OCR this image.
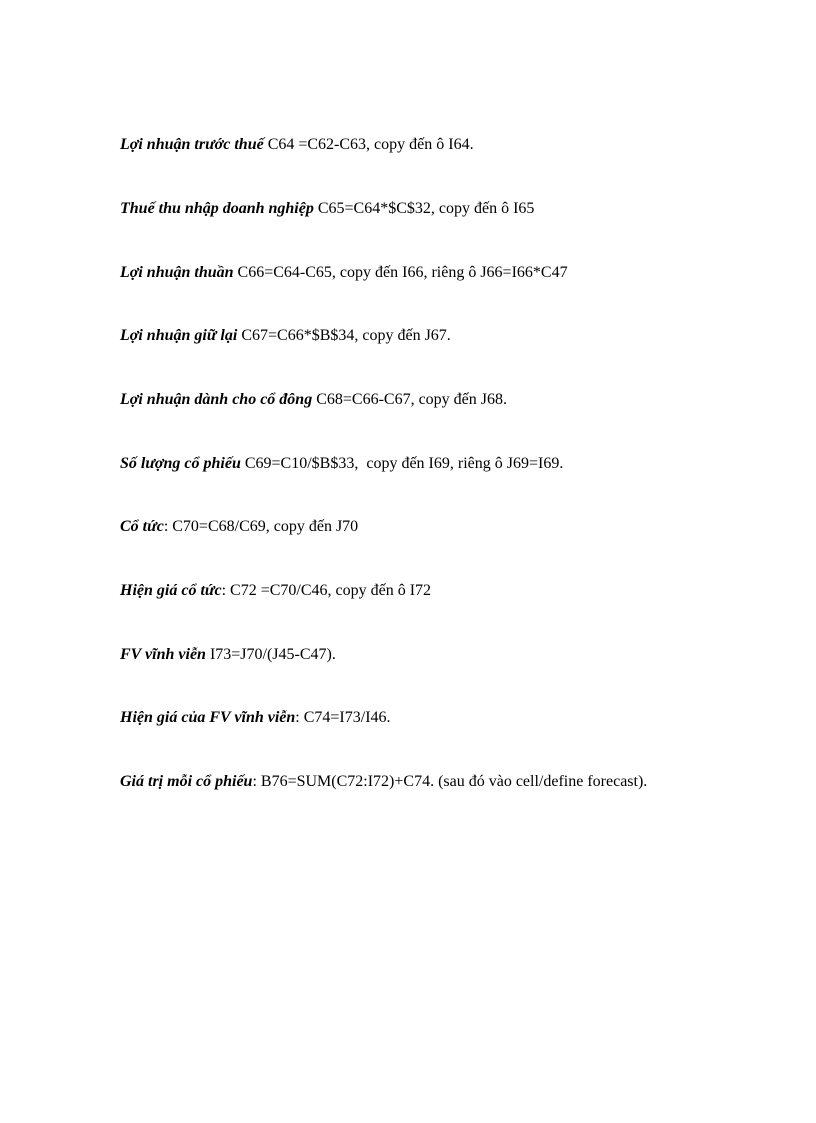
Lợi nhuận trước thuế C64 =C62-C63, copy đến ô I64.

Thuế thu nhập doanh nghiệp C65=C64*$C$32, copy đến ô I65

Lợi nhuận thuần C66=C64-C65, copy đến I66, riêng ô J66=I66*C47

Lợi nhuận giữ lại C67=C66*$B$34, copy đến J67.

Lợi nhuận dành cho cổ đông C68=C66-C67, copy đến J68.

Số lượng cổ phiếu C69=C10/$B$33,  copy đến I69, riêng ô J69=I69.

Cổ tức: C70=C68/C69, copy đến J70

Hiện giá cổ tức: C72 =C70/C46, copy đến ô I72

FV vĩnh viễn I73=J70/(J45-C47).

Hiện giá của FV vĩnh viễn: C74=I73/I46.

Giá trị mỗi cổ phiếu: B76=SUM(C72:I72)+C74. (sau đó vào cell/define forecast).
